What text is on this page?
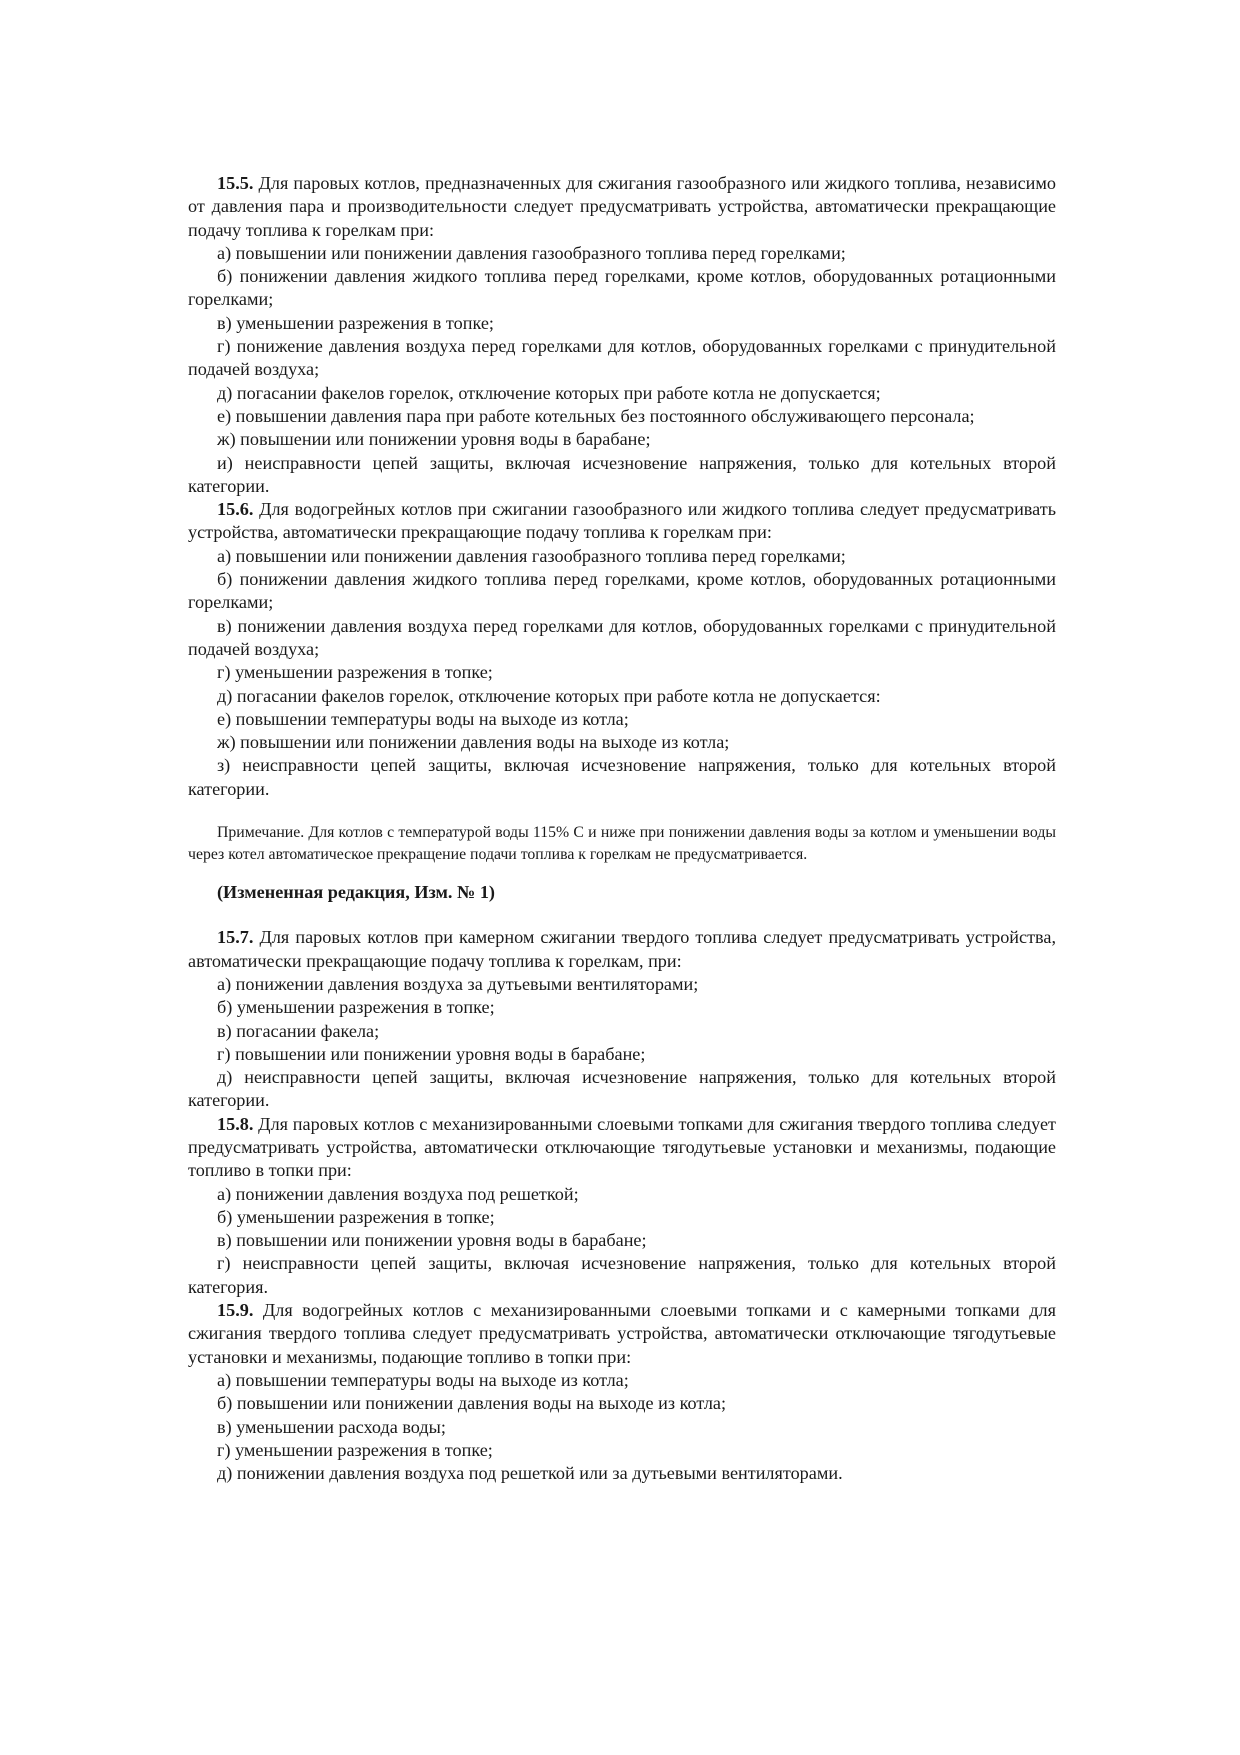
15.5. Для паровых котлов, предназначенных для сжигания газообразного или жидкого топлива, независимо от давления пара и производительности следует предусматривать устройства, автоматически прекращающие подачу топлива к горелкам при:

а) повышении или понижении давления газообразного топлива перед горелками;

б) понижении давления жидкого топлива перед горелками, кроме котлов, оборудованных ротационными горелками;

в) уменьшении разрежения в топке;

г) понижение давления воздуха перед горелками для котлов, оборудованных горелками с принудительной подачей воздуха;

д) погасании факелов горелок, отключение которых при работе котла не допускается;

е) повышении давления пара при работе котельных без постоянного обслуживающего персонала;

ж) повышении или понижении уровня воды в барабане;

и) неисправности цепей защиты, включая исчезновение напряжения, только для котельных второй категории.

15.6. Для водогрейных котлов при сжигании газообразного или жидкого топлива следует предусматривать устройства, автоматически прекращающие подачу топлива к горелкам при:

а) повышении или понижении давления газообразного топлива перед горелками;

б) понижении давления жидкого топлива перед горелками, кроме котлов, оборудованных ротационными горелками;

в) понижении давления воздуха перед горелками для котлов, оборудованных горелками с принудительной подачей воздуха;

г) уменьшении разрежения в топке;

д) погасании факелов горелок, отключение которых при работе котла не допускается:

е) повышении температуры воды на выходе из котла;

ж) повышении или понижении давления воды на выходе из котла;

з) неисправности цепей защиты, включая исчезновение напряжения, только для котельных второй категории.

Примечание. Для котлов с температурой воды 115% С и ниже при понижении давления воды за котлом и уменьшении воды через котел автоматическое прекращение подачи топлива к горелкам не предусматривается.

(Измененная редакция, Изм. № 1)

15.7. Для паровых котлов при камерном сжигании твердого топлива следует предусматривать устройства, автоматически прекращающие подачу топлива к горелкам, при:

а) понижении давления воздуха за дутьевыми вентиляторами;

б) уменьшении разрежения в топке;

в) погасании факела;

г) повышении или понижении уровня воды в барабане;

д) неисправности цепей защиты, включая исчезновение напряжения, только для котельных второй категории.

15.8. Для паровых котлов с механизированными слоевыми топками для сжигания твердого топлива следует предусматривать устройства, автоматически отключающие тягодутьевые установки и механизмы, подающие топливо в топки при:

а) понижении давления воздуха под решеткой;

б) уменьшении разрежения в топке;

в) повышении или понижении уровня воды в барабане;

г) неисправности цепей защиты, включая исчезновение напряжения, только для котельных второй категория.

15.9. Для водогрейных котлов с механизированными слоевыми топками и с камерными топками для сжигания твердого топлива следует предусматривать устройства, автоматически отключающие тягодутьевые установки и механизмы, подающие топливо в топки при:

а) повышении температуры воды на выходе из котла;

б) повышении или понижении давления воды на выходе из котла;

в) уменьшении расхода воды;

г) уменьшении разрежения в топке;

д) понижении давления воздуха под решеткой или за дутьевыми вентиляторами.
